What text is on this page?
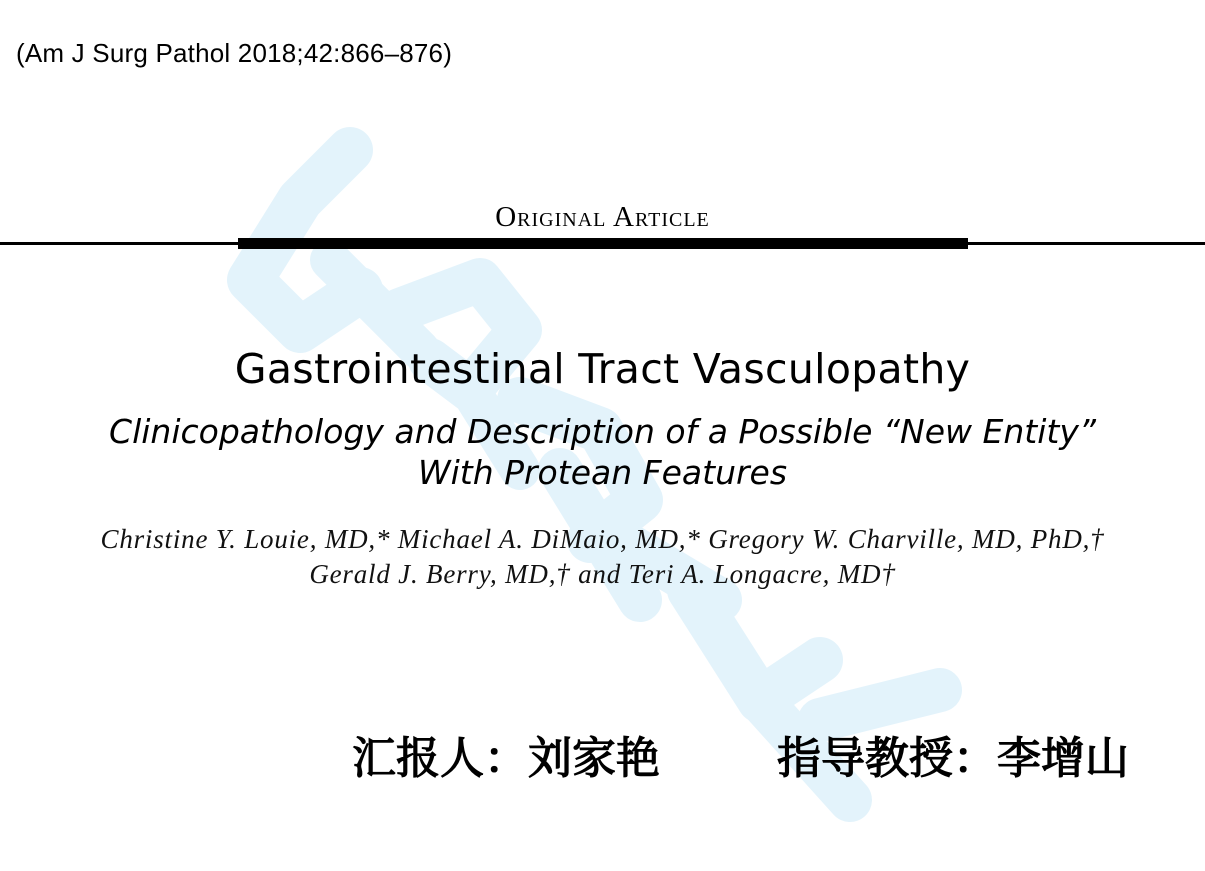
(Am J Surg Pathol 2018;42:866–876)
Original Article
Gastrointestinal Tract Vasculopathy
Clinicopathology and Description of a Possible “New Entity”
With Protean Features
Christine Y. Louie, MD,* Michael A. DiMaio, MD,* Gregory W. Charville, MD, PhD,†
Gerald J. Berry, MD,† and Teri A. Longacre, MD†
汇报人：刘家艳	指导教授：李增山
